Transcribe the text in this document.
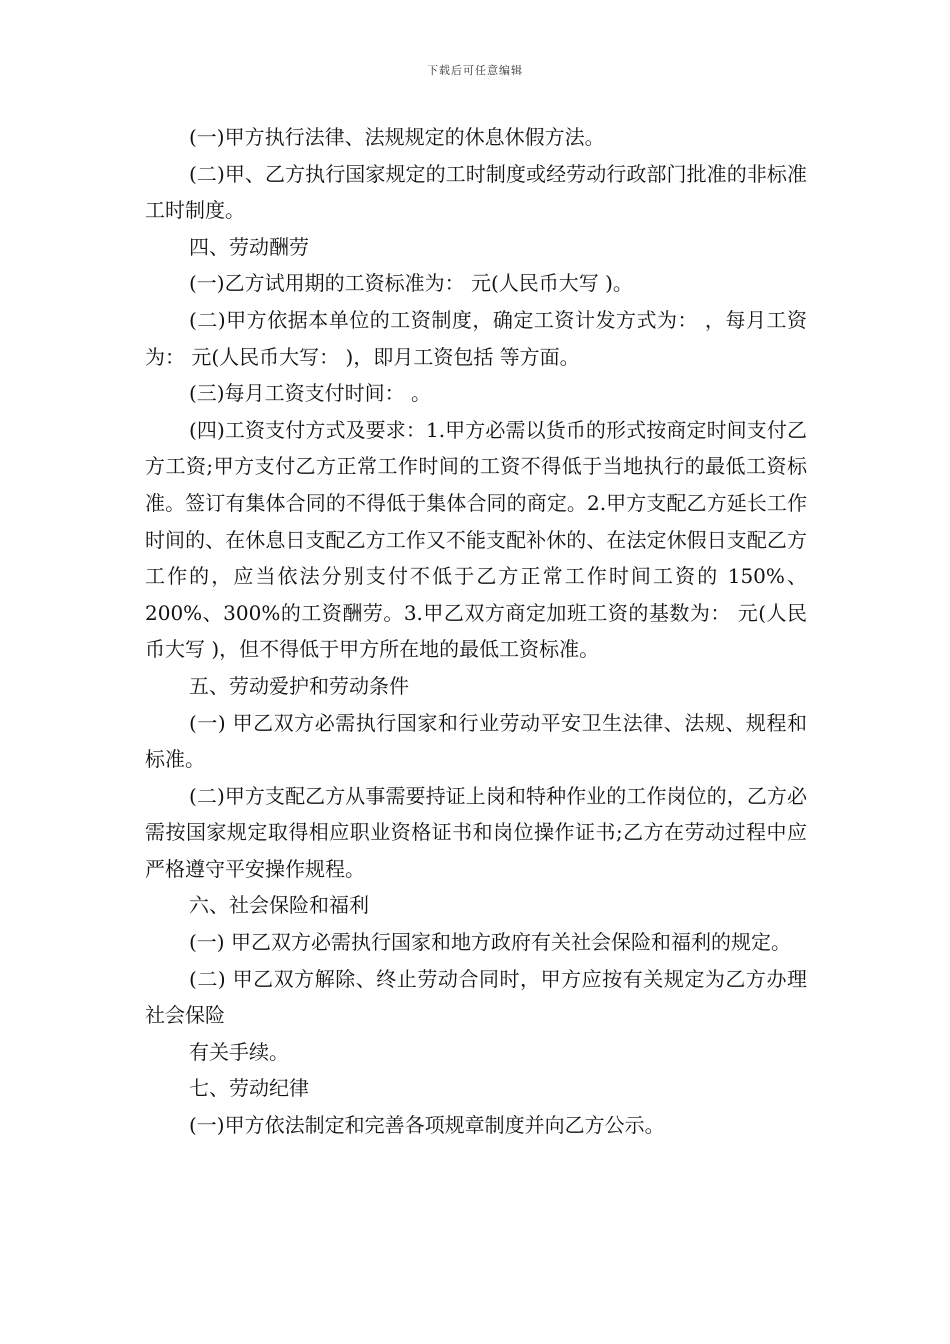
下载后可任意编辑

(一)甲方执行法律、法规规定的休息休假方法。

(二)甲、乙方执行国家规定的工时制度或经劳动行政部门批准的非标准工时制度。

四、劳动酬劳

(一)乙方试用期的工资标准为： 元(人民币大写 )。

(二)甲方依据本单位的工资制度，确定工资计发方式为： ，每月工资为： 元(人民币大写： )，即月工资包括 等方面。

(三)每月工资支付时间： 。

(四)工资支付方式及要求：1.甲方必需以货币的形式按商定时间支付乙方工资;甲方支付乙方正常工作时间的工资不得低于当地执行的最低工资标准。签订有集体合同的不得低于集体合同的商定。2.甲方支配乙方延长工作时间的、在休息日支配乙方工作又不能支配补休的、在法定休假日支配乙方工作的，应当依法分别支付不低于乙方正常工作时间工资的 150%、200%、300%的工资酬劳。3.甲乙双方商定加班工资的基数为： 元(人民币大写 )，但不得低于甲方所在地的最低工资标准。

五、劳动爱护和劳动条件

(一) 甲乙双方必需执行国家和行业劳动平安卫生法律、法规、规程和标准。

(二)甲方支配乙方从事需要持证上岗和特种作业的工作岗位的，乙方必需按国家规定取得相应职业资格证书和岗位操作证书;乙方在劳动过程中应严格遵守平安操作规程。

六、社会保险和福利

(一) 甲乙双方必需执行国家和地方政府有关社会保险和福利的规定。

(二) 甲乙双方解除、终止劳动合同时，甲方应按有关规定为乙方办理社会保险

有关手续。

七、劳动纪律

(一)甲方依法制定和完善各项规章制度并向乙方公示。
